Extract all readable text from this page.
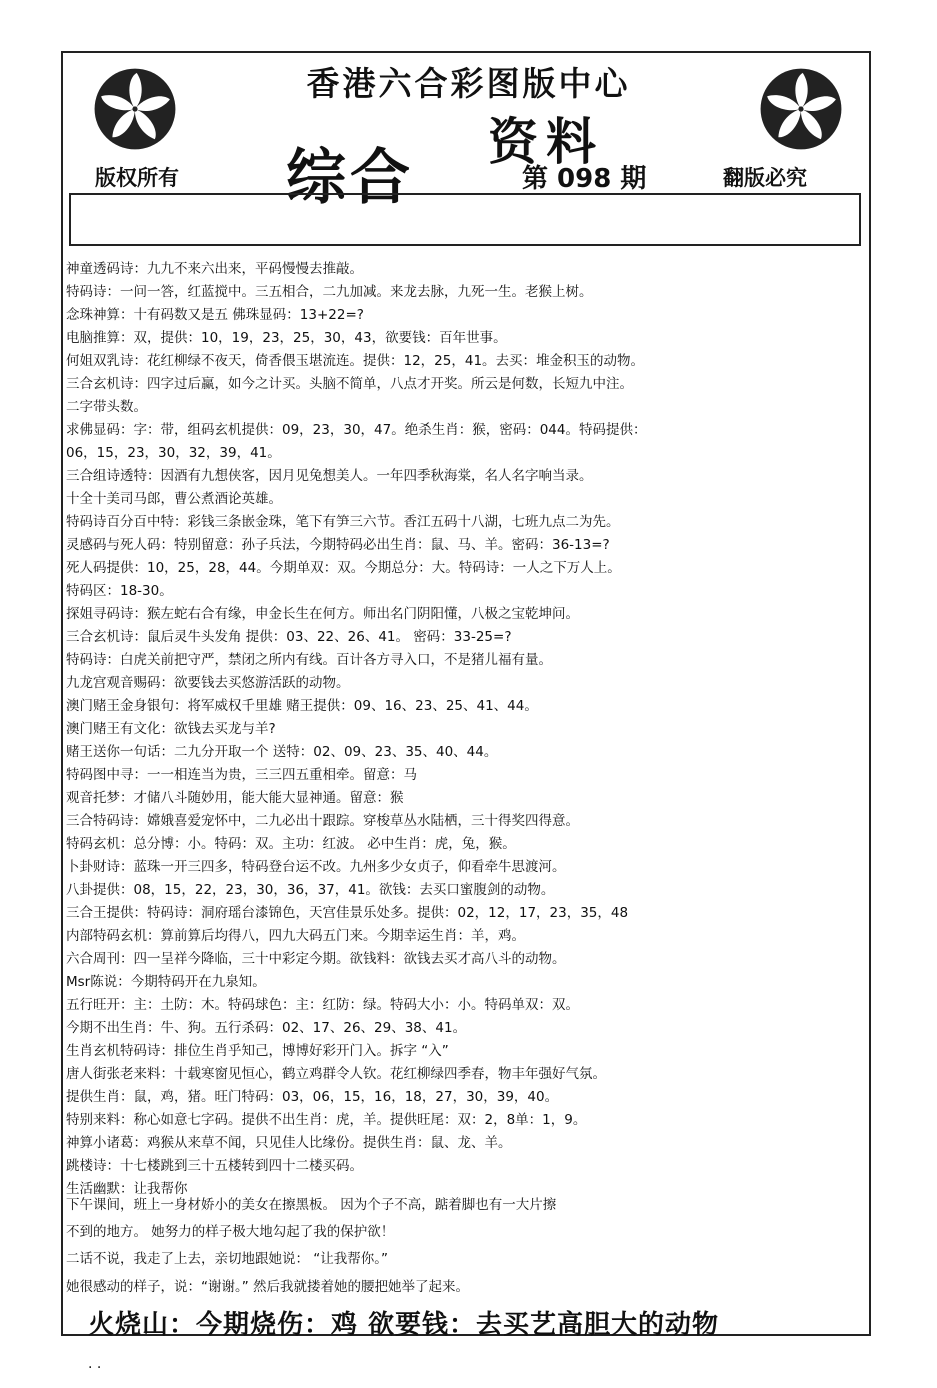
香港六合彩图版中心
版权所有	翻版必究
综合
资料
第 098 期
神童透码诗：九九不来六出来，平码慢慢去推敲。
特码诗：一问一答，红蓝搅中。三五相合，二九加减。来龙去脉，九死一生。老猴上树。
念珠神算：十有码数又是五 佛珠显码：13+22=?
电脑推算：双，提供：10，19，23，25，30，43，欲要钱：百年世事。
何姐双乳诗：花红柳绿不夜天，倚香偎玉堪流连。提供：12，25，41。去买：堆金积玉的动物。
三合玄机诗：四字过后赢，如今之计买。头脑不简单，八点才开奖。所云是何数，长短九中注。
二字带头数。
求佛显码：字：带，组码玄机提供：09，23，30，47。绝杀生肖：猴，密码：044。特码提供：
06，15，23，30，32，39，41。
三合组诗透特：因酒有九想侠客，因月见兔想美人。一年四季秋海棠，名人名字响当录。
十全十美司马郎，曹公煮酒论英雄。
特码诗百分百中特：彩钱三条嵌金珠，笔下有笋三六节。香江五码十八湖，七班九点二为先。
灵感码与死人码：特别留意：孙子兵法，今期特码必出生肖：鼠、马、羊。密码：36-13=?
死人码提供：10，25，28，44。今期单双：双。今期总分：大。特码诗：一人之下万人上。
特码区：18-30。
探姐寻码诗：猴左蛇右合有缘，申金长生在何方。师出名门阴阳懂，八极之宝乾坤问。
三合玄机诗：鼠后灵牛头发角 提供：03、22、26、41。 密码：33-25=?
特码诗：白虎关前把守严，禁闭之所内有线。百计各方寻入口，不是猪儿福有量。
九龙宫观音赐码：欲要钱去买悠游活跃的动物。
澳门赌王金身银句：将军威权千里雄 赌王提供：09、16、23、25、41、44。
澳门赌王有文化：欲钱去买龙与羊?
赌王送你一句话：二九分开取一个 送特：02、09、23、35、40、44。
特码图中寻：一一相连当为贵，三三四五重相牵。留意：马
观音托梦：才储八斗随妙用，能大能大显神通。留意：猴
三合特码诗：嫦娥喜爱宠怀中，二九必出十跟踪。穿梭草丛水陆栖，三十得奖四得意。
特码玄机：总分博：小。特码：双。主功：红波。 必中生肖：虎，兔，猴。
卜卦财诗：蓝珠一开三四多，特码登台运不改。九州多少女贞子，仰看牵牛思渡河。
八卦提供：08，15，22，23，30，36，37，41。欲钱：去买口蜜腹剑的动物。
三合王提供：特码诗：洞府瑶台漆锦色，天宫佳景乐处多。提供：02，12，17，23，35，48
内部特码玄机：算前算后均得八，四九大码五门来。今期幸运生肖：羊，鸡。
六合周刊：四一呈祥今降临，三十中彩定今期。欲钱料：欲钱去买才高八斗的动物。
Msr陈说：今期特码开在九泉知。
五行旺开：主：土防：木。特码球色：主：红防：绿。特码大小：小。特码单双：双。
今期不出生肖：牛、狗。五行杀码：02、17、26、29、38、41。
生肖玄机特码诗：排位生肖乎知己，博博好彩开门入。拆字 “入”
唐人街张老来料：十载寒窗见恒心，鹤立鸡群令人钦。花红柳绿四季春，物丰年强好气氛。
提供生肖：鼠，鸡，猪。旺门特码：03，06，15，16，18，27，30，39，40。
特别来料：称心如意七字码。提供不出生肖：虎，羊。提供旺尾：双：2，8单：1，9。
神算小诸葛：鸡猴从来草不闻，只见佳人比缘份。提供生肖：鼠、龙、羊。
跳楼诗：十七楼跳到三十五楼转到四十二楼买码。
生活幽默：让我帮你
下午课间，班上一身材娇小的美女在擦黑板。 因为个子不高，踮着脚也有一大片擦
不到的地方。 她努力的样子极大地勾起了我的保护欲！
二话不说，我走了上去，亲切地跟她说： “让我帮你。”
她很感动的样子，说：“谢谢。” 然后我就搂着她的腰把她举了起来。
火烧山：今期烧伤：鸡 欲要钱：去买艺高胆大的动物
. .
